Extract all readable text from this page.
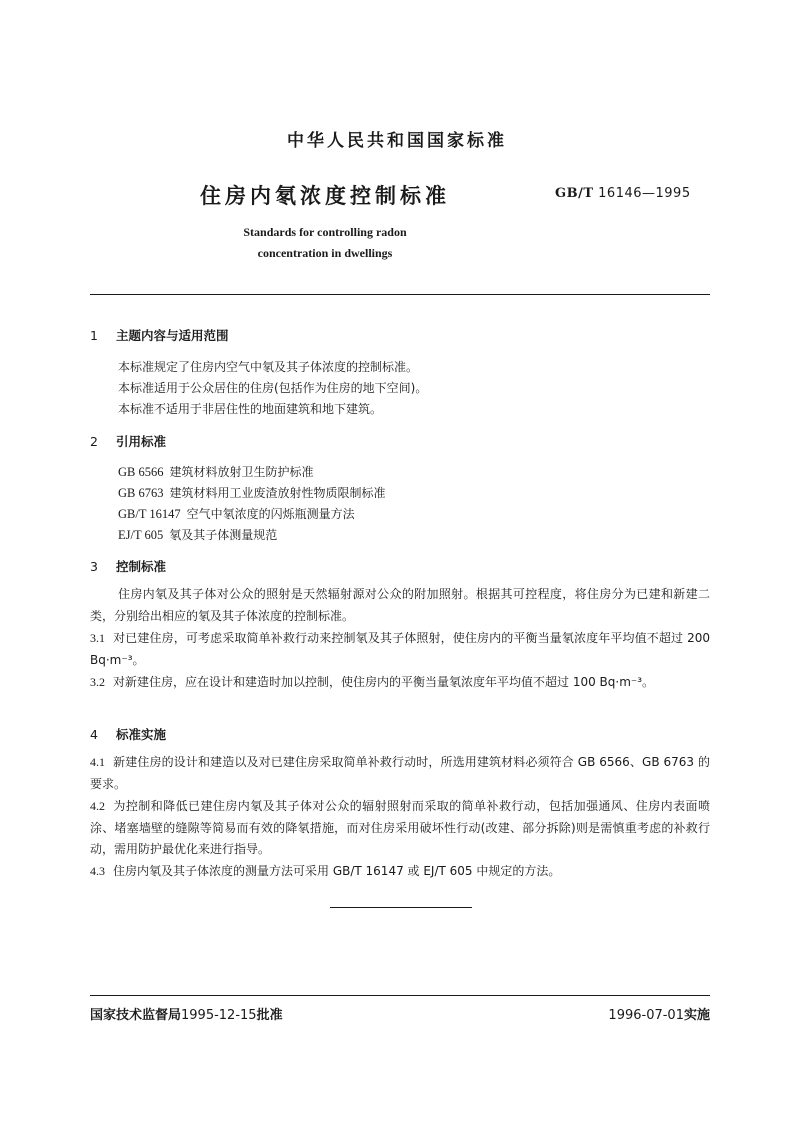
中华人民共和国国家标准
住房内氡浓度控制标准	GB/T 16146—1995
Standards for controlling radon
concentration in dwellings
1 主题内容与适用范围
本标准规定了住房内空气中氡及其子体浓度的控制标准。
本标准适用于公众居住的住房(包括作为住房的地下空间)。
本标准不适用于非居住性的地面建筑和地下建筑。
2 引用标准
GB 6566 建筑材料放射卫生防护标准
GB 6763 建筑材料用工业废渣放射性物质限制标准
GB/T 16147 空气中氡浓度的闪烁瓶测量方法
EJ/T 605 氡及其子体测量规范
3 控制标准
住房内氡及其子体对公众的照射是天然辐射源对公众的附加照射。根据其可控程度，将住房分为已建和新建二类，分别给出相应的氡及其子体浓度的控制标准。
3.1 对已建住房，可考虑采取简单补救行动来控制氡及其子体照射，使住房内的平衡当量氡浓度年平均值不超过 200 Bq·m⁻³。
3.2 对新建住房，应在设计和建造时加以控制，使住房内的平衡当量氡浓度年平均值不超过 100 Bq·m⁻³。
4 标准实施
4.1 新建住房的设计和建造以及对已建住房采取简单补救行动时，所选用建筑材料必须符合 GB 6566、GB 6763 的要求。
4.2 为控制和降低已建住房内氡及其子体对公众的辐射照射而采取的简单补救行动，包括加强通风、住房内表面喷涂、堵塞墙壁的缝隙等简易而有效的降氡措施，而对住房采用破坏性行动(改建、部分拆除)则是需慎重考虑的补救行动，需用防护最优化来进行指导。
4.3 住房内氡及其子体浓度的测量方法可采用 GB/T 16147 或 EJ/T 605 中规定的方法。
国家技术监督局1995-12-15批准	1996-07-01实施
